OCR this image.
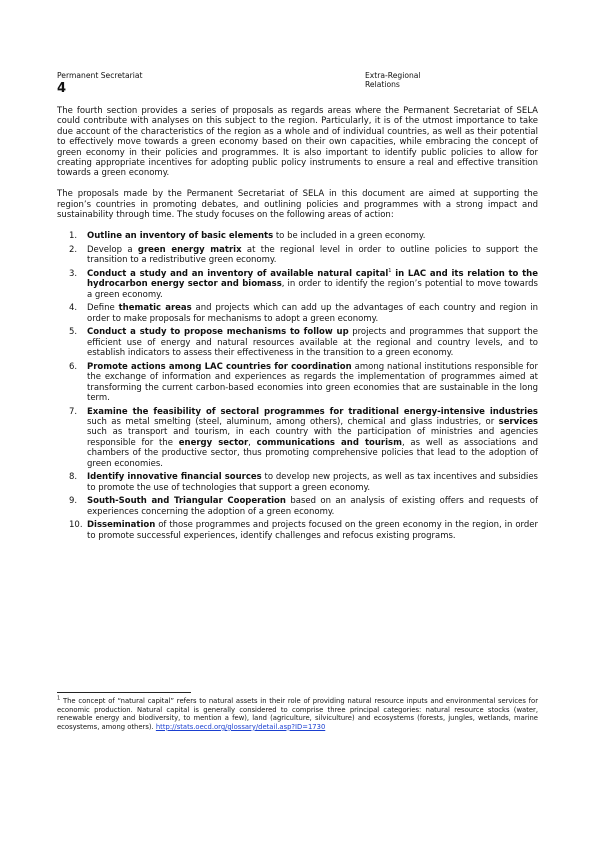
Permanent Secretariat	Extra-Regional Relations
4

The fourth section provides a series of proposals as regards areas where the Permanent Secretariat of SELA could contribute with analyses on this subject to the region. Particularly, it is of the utmost importance to take due account of the characteristics of the region as a whole and of individual countries, as well as their potential to effectively move towards a green economy based on their own capacities, while embracing the concept of green economy in their policies and programmes. It is also important to identify public policies to allow for creating appropriate incentives for adopting public policy instruments to ensure a real and effective transition towards a green economy.

The proposals made by the Permanent Secretariat of SELA in this document are aimed at supporting the region’s countries in promoting debates, and outlining policies and programmes with a strong impact and sustainability through time. The study focuses on the following areas of action:

1. Outline an inventory of basic elements to be included in a green economy.
2. Develop a green energy matrix at the regional level in order to outline policies to support the transition to a redistributive green economy.
3. Conduct a study and an inventory of available natural capital$^1$ in LAC and its relation to the hydrocarbon energy sector and biomass, in order to identify the region’s potential to move towards a green economy.
4. Define thematic areas and projects which can add up the advantages of each country and region in order to make proposals for mechanisms to adopt a green economy.
5. Conduct a study to propose mechanisms to follow up projects and programmes that support the efficient use of energy and natural resources available at the regional and country levels, and to establish indicators to assess their effectiveness in the transition to a green economy.
6. Promote actions among LAC countries for coordination among national institutions responsible for the exchange of information and experiences as regards the implementation of programmes aimed at transforming the current carbon-based economies into green economies that are sustainable in the long term.
7. Examine the feasibility of sectoral programmes for traditional energy-intensive industries such as metal smelting (steel, aluminum, among others), chemical and glass industries, or services such as transport and tourism, in each country with the participation of ministries and agencies responsible for the energy sector, communications and tourism, as well as associations and chambers of the productive sector, thus promoting comprehensive policies that lead to the adoption of green economies.
8. Identify innovative financial sources to develop new projects, as well as tax incentives and subsidies to promote the use of technologies that support a green economy.
9. South-South and Triangular Cooperation based on an analysis of existing offers and requests of experiences concerning the adoption of a green economy.
10. Dissemination of those programmes and projects focused on the green economy in the region, in order to promote successful experiences, identify challenges and refocus existing programs.
$^1$ The concept of “natural capital” refers to natural assets in their role of providing natural resource inputs and environmental services for economic production. Natural capital is generally considered to comprise three principal categories: natural resource stocks (water, renewable energy and biodiversity, to mention a few), land (agriculture, silviculture) and ecosystems (forests, jungles, wetlands, marine ecosystems, among others). http://stats.oecd.org/glossary/detail.asp?ID=1730
